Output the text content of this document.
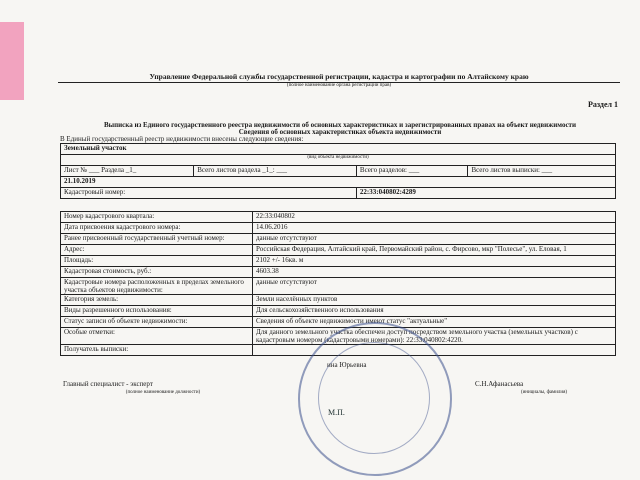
Управление Федеральной службы государственной регистрации, кадастра и картографии по Алтайскому краю
(полное наименование органа регистрации прав)
Раздел 1
Выписка из Единого государственного реестра недвижимости об основных характеристиках и зарегистрированных правах на объект недвижимости
Сведения об основных характеристиках объекта недвижимости
В Единый государственный реестр недвижимости внесены следующие сведения:
Земельный участок			
(вид объекта недвижимости)			
Лист № ___ Раздела _1_	Всего листов раздела _1_: ___	Всего разделов: ___	Всего листов выписки: ___
21.10.2019			
Кадастровый номер:		22:33:040802:4289	
Номер кадастрового квартала:	22:33:040802
Дата присвоения кадастрового номера:	14.06.2016
Ранее присвоенный государственный учетный номер:	данные отсутствуют
Адрес:	Российская Федерация, Алтайский край, Первомайский район, с. Фирсово, мкр "Полесье", ул. Еловая, 1
Площадь:	2102 +/- 16кв. м
Кадастровая стоимость, руб.:	4603.38
Кадастровые номера расположенных в пределах земельного участка объектов недвижимости:	данные отсутствуют
Категория земель:	Земли населённых пунктов
Виды разрешенного использования:	Для сельскохозяйственного использования
Статус записи об объекте недвижимости:	Сведения об объекте недвижимости имеют статус "актуальные"
Особые отметки:	Для данного земельного участка обеспечен доступ посредством земельного участка (земельных участков) с кадастровым номером (кадастровыми номерами): 22:33:040802:4220.
Получатель выписки:	
ина Юрьевна
Главный специалист - эксперт		С.Н.Афанасьева
(полное наименование должности)		(инициалы, фамилия)
М.П.
